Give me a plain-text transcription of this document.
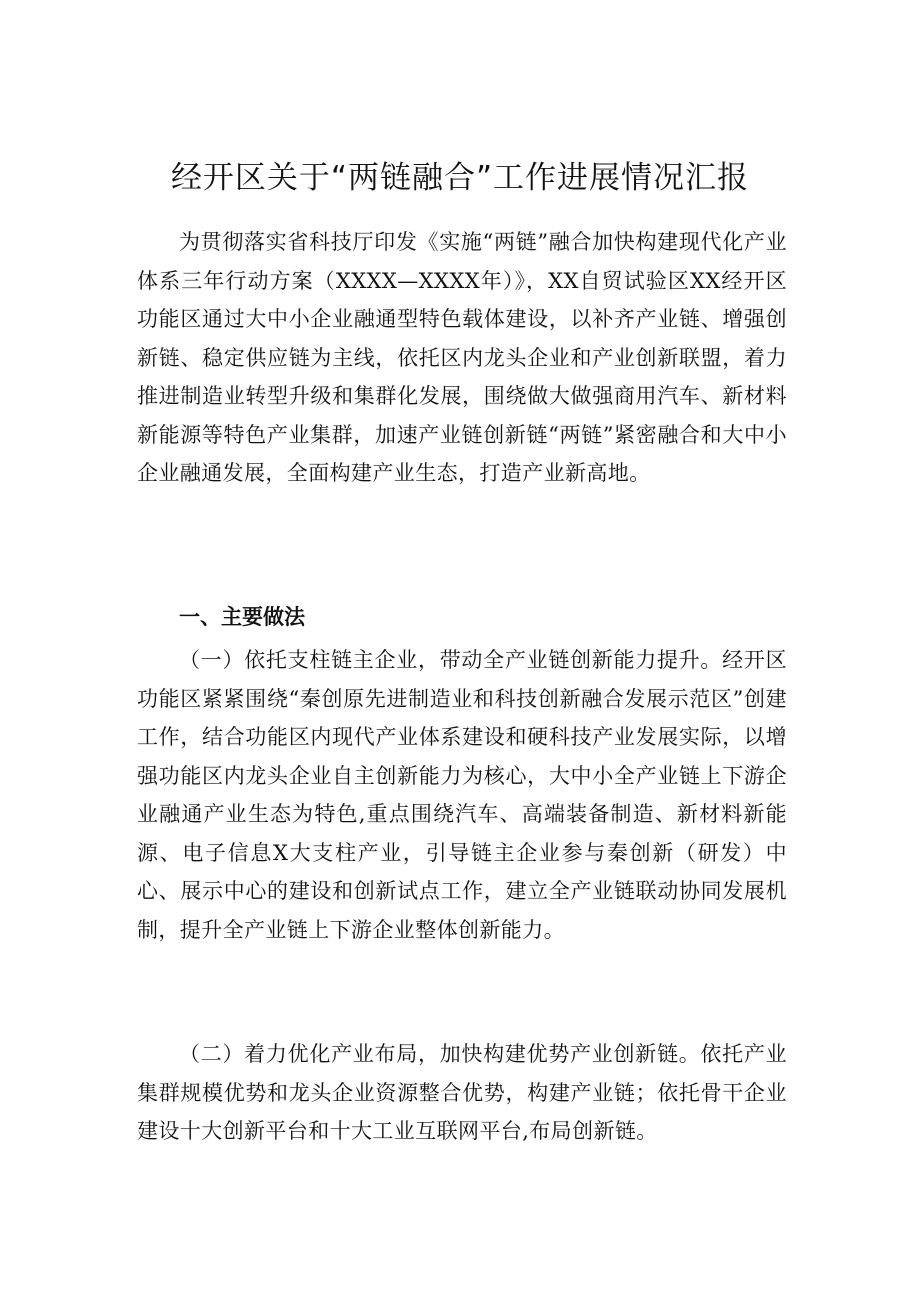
经开区关于“两链融合”工作进展情况汇报

为贯彻落实省科技厅印发《实施“两链”融合加快构建现代化产业体系三年行动方案（XXXX—XXXX年）》，XX自贸试验区XX经开区功能区通过大中小企业融通型特色载体建设，以补齐产业链、增强创新链、稳定供应链为主线，依托区内龙头企业和产业创新联盟，着力推进制造业转型升级和集群化发展，围绕做大做强商用汽车、新材料新能源等特色产业集群，加速产业链创新链“两链”紧密融合和大中小企业融通发展，全面构建产业生态，打造产业新高地。

一、主要做法

（一）依托支柱链主企业，带动全产业链创新能力提升。经开区功能区紧紧围绕“秦创原先进制造业和科技创新融合发展示范区”创建工作，结合功能区内现代产业体系建设和硬科技产业发展实际，以增强功能区内龙头企业自主创新能力为核心，大中小全产业链上下游企业融通产业生态为特色,重点围绕汽车、高端装备制造、新材料新能源、电子信息X大支柱产业，引导链主企业参与秦创新（研发）中心、展示中心的建设和创新试点工作，建立全产业链联动协同发展机制，提升全产业链上下游企业整体创新能力。

（二）着力优化产业布局，加快构建优势产业创新链。依托产业集群规模优势和龙头企业资源整合优势，构建产业链；依托骨干企业建设十大创新平台和十大工业互联网平台,布局创新链。
